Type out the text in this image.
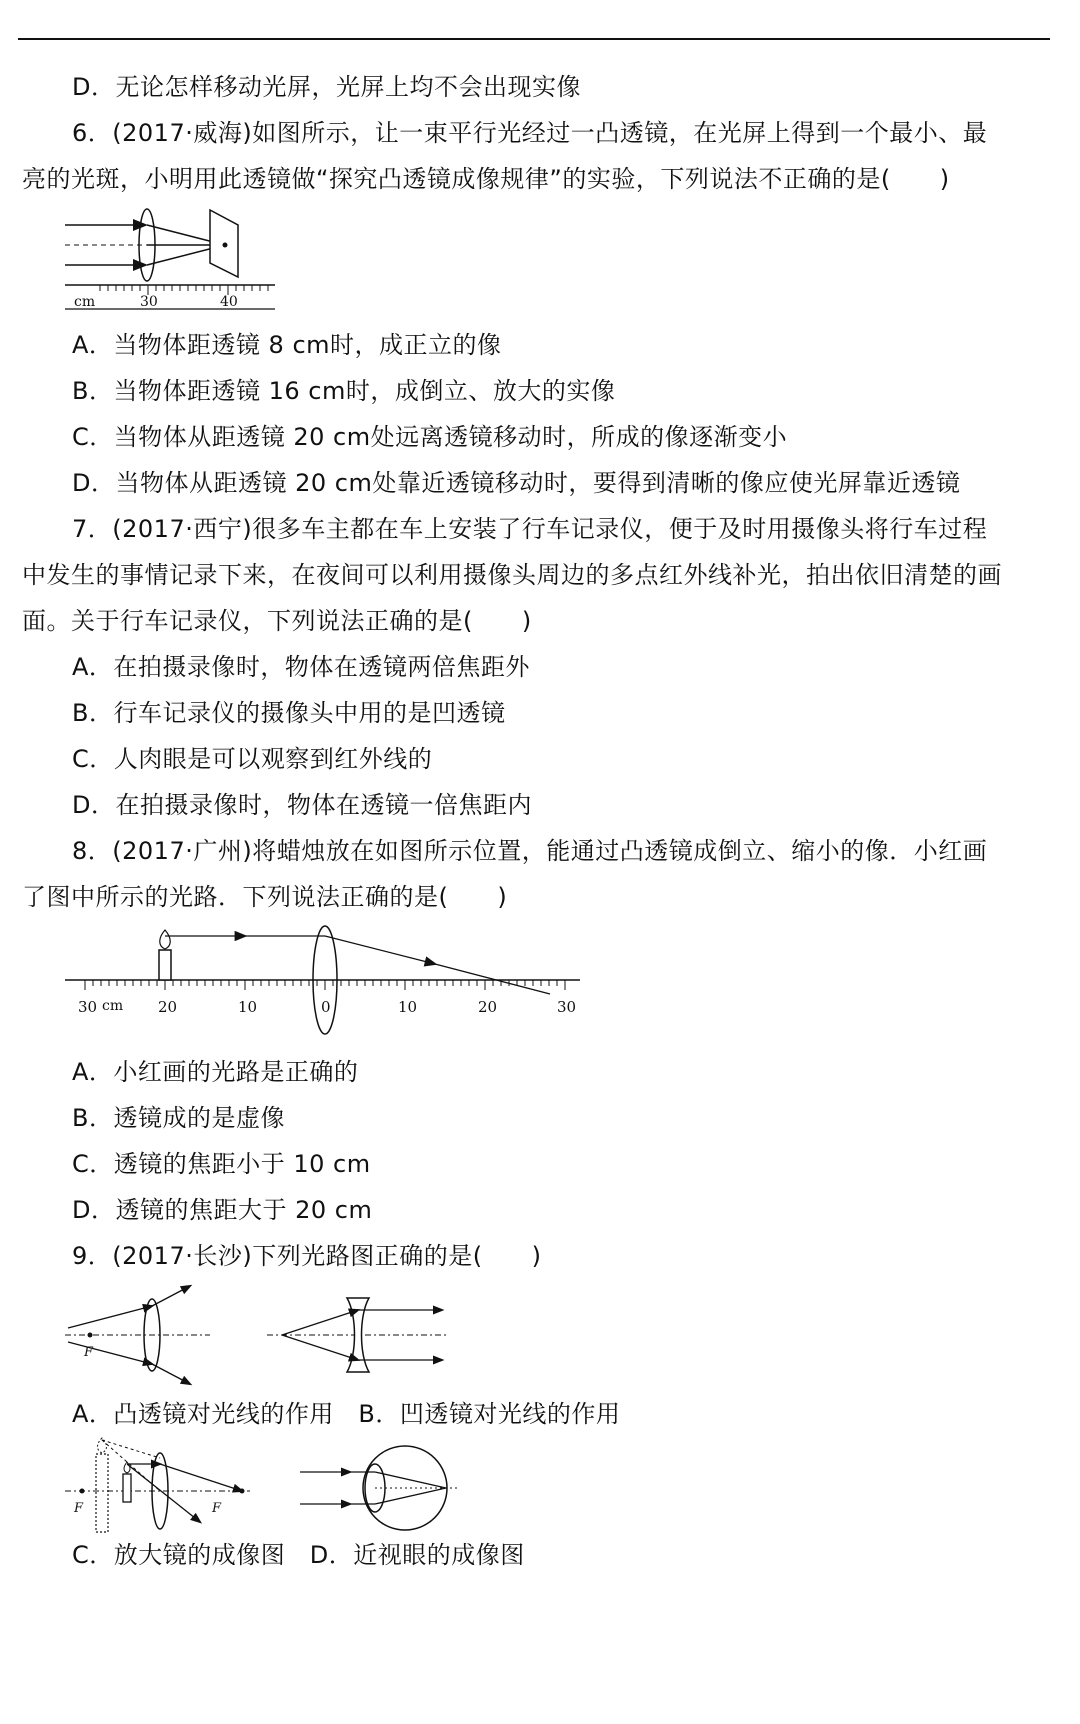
D．无论怎样移动光屏，光屏上均不会出现实像
6．(2017·威海)如图所示，让一束平行光经过一凸透镜，在光屏上得到一个最小、最
亮的光斑，小明用此透镜做“探究凸透镜成像规律”的实验，下列说法不正确的是(　　)
cm	30	40
A．当物体距透镜 8 cm时，成正立的像
B．当物体距透镜 16 cm时，成倒立、放大的实像
C．当物体从距透镜 20 cm处远离透镜移动时，所成的像逐渐变小
D．当物体从距透镜 20 cm处靠近透镜移动时，要得到清晰的像应使光屏靠近透镜
7．(2017·西宁)很多车主都在车上安装了行车记录仪，便于及时用摄像头将行车过程
中发生的事情记录下来，在夜间可以利用摄像头周边的多点红外线补光，拍出依旧清楚的画
面。关于行车记录仪，下列说法正确的是(　　)
A．在拍摄录像时，物体在透镜两倍焦距外
B．行车记录仪的摄像头中用的是凹透镜
C．人肉眼是可以观察到红外线的
D．在拍摄录像时，物体在透镜一倍焦距内
8．(2017·广州)将蜡烛放在如图所示位置，能通过凸透镜成倒立、缩小的像．小红画
了图中所示的光路．下列说法正确的是(　　)
30 cm 20	10	0	10	20	30
A．小红画的光路是正确的
B．透镜成的是虚像
C．透镜的焦距小于 10 cm
D．透镜的焦距大于 20 cm
9．(2017·长沙)下列光路图正确的是(　　)
F
A．凸透镜对光线的作用　B．凹透镜对光线的作用
F	F
C．放大镜的成像图　D．近视眼的成像图
